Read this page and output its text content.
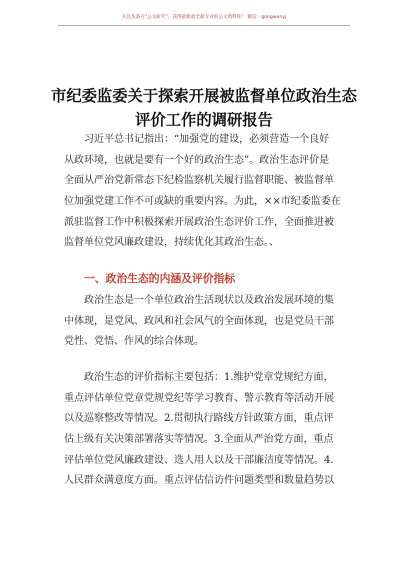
关注头条号“公文研究”，获得最新最全最专业的公文资料库！ 微信：gongwenyj
市纪委监委关于探索开展被监督单位政治生态
评价工作的调研报告
习近平总书记指出：“加强党的建设，必须营造一个良好
从政环境，也就是要有一个好的政治生态”。政治生态评价是
全面从严治党新常态下纪检监察机关履行监督职能、被监督单
位加强党建工作不可或缺的重要内容。为此，××市纪委监委在
派驻监督工作中积极探索开展政治生态评价工作，全面推进被
监督单位党风廉政建设，持续优化其政治生态。、
一、政治生态的内涵及评价指标
政治生态是一个单位政治生活现状以及政治发展环境的集
中体现，是党风、政风和社会风气的全面体现，也是党员干部
党性、党悟、作风的综合体现。
政治生态的评价指标主要包括：1.维护党章党规纪方面，
重点评估单位党章党规党纪等学习教育、警示教育等活动开展
以及巡察整改等情况。2.贯彻执行路线方针政策方面，重点评
估上级有关决策部署落实等情况。3.全面从严治党方面，重点
评估单位党风廉政建设、选人用人以及干部廉洁度等情况。4.
人民群众满意度方面。重点评估信访件问题类型和数量趋势以
